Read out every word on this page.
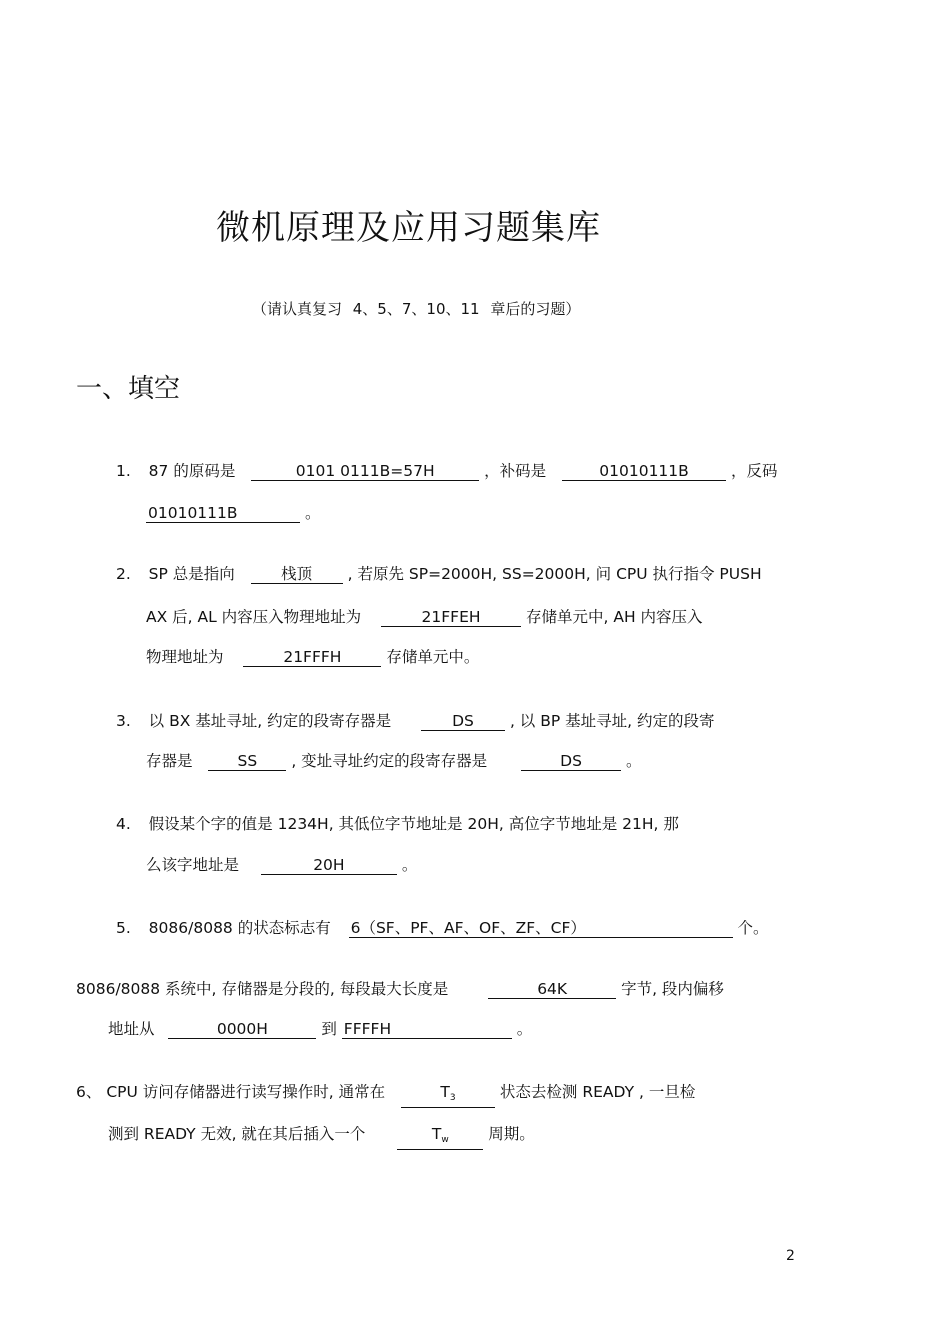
微机原理及应用习题集库
（请认真复习 4、5、7、10、11 章后的习题）
一、填空
1. 87 的原码是	0101 0111B=57H	，补码是	01010111B	，反码
01010111B	。
2. SP 总是指向	栈顶 , 若原先 SP=2000H, SS=2000H, 问 CPU 执行指令 PUSH
AX 后, AL 内容压入物理地址为	21FFEH	存储单元中, AH 内容压入
物理地址为	21FFFH	存储单元中。
3. 以 BX 基址寻址, 约定的段寄存器是	DS , 以 BP 基址寻址, 约定的段寄
存器是	SS , 变址寻址约定的段寄存器是	DS	。
4. 假设某个字的值是 1234H, 其低位字节地址是 20H, 高位字节地址是 21H, 那
么该字地址是	20H	。
5. 8086/8088 的状态标志有 6（SF、PF、AF、OF、ZF、CF）	个。
8086/8088 系统中, 存储器是分段的, 每段最大长度是	64K	字节, 段内偏移
地址从	0000H	到 FFFFH	。
6、 CPU 访问存储器进行读写操作时, 通常在	$T_3$	状态去检测 READY , 一旦检
测到 READY 无效, 就在其后插入一个	$T_w$	周期。
2
